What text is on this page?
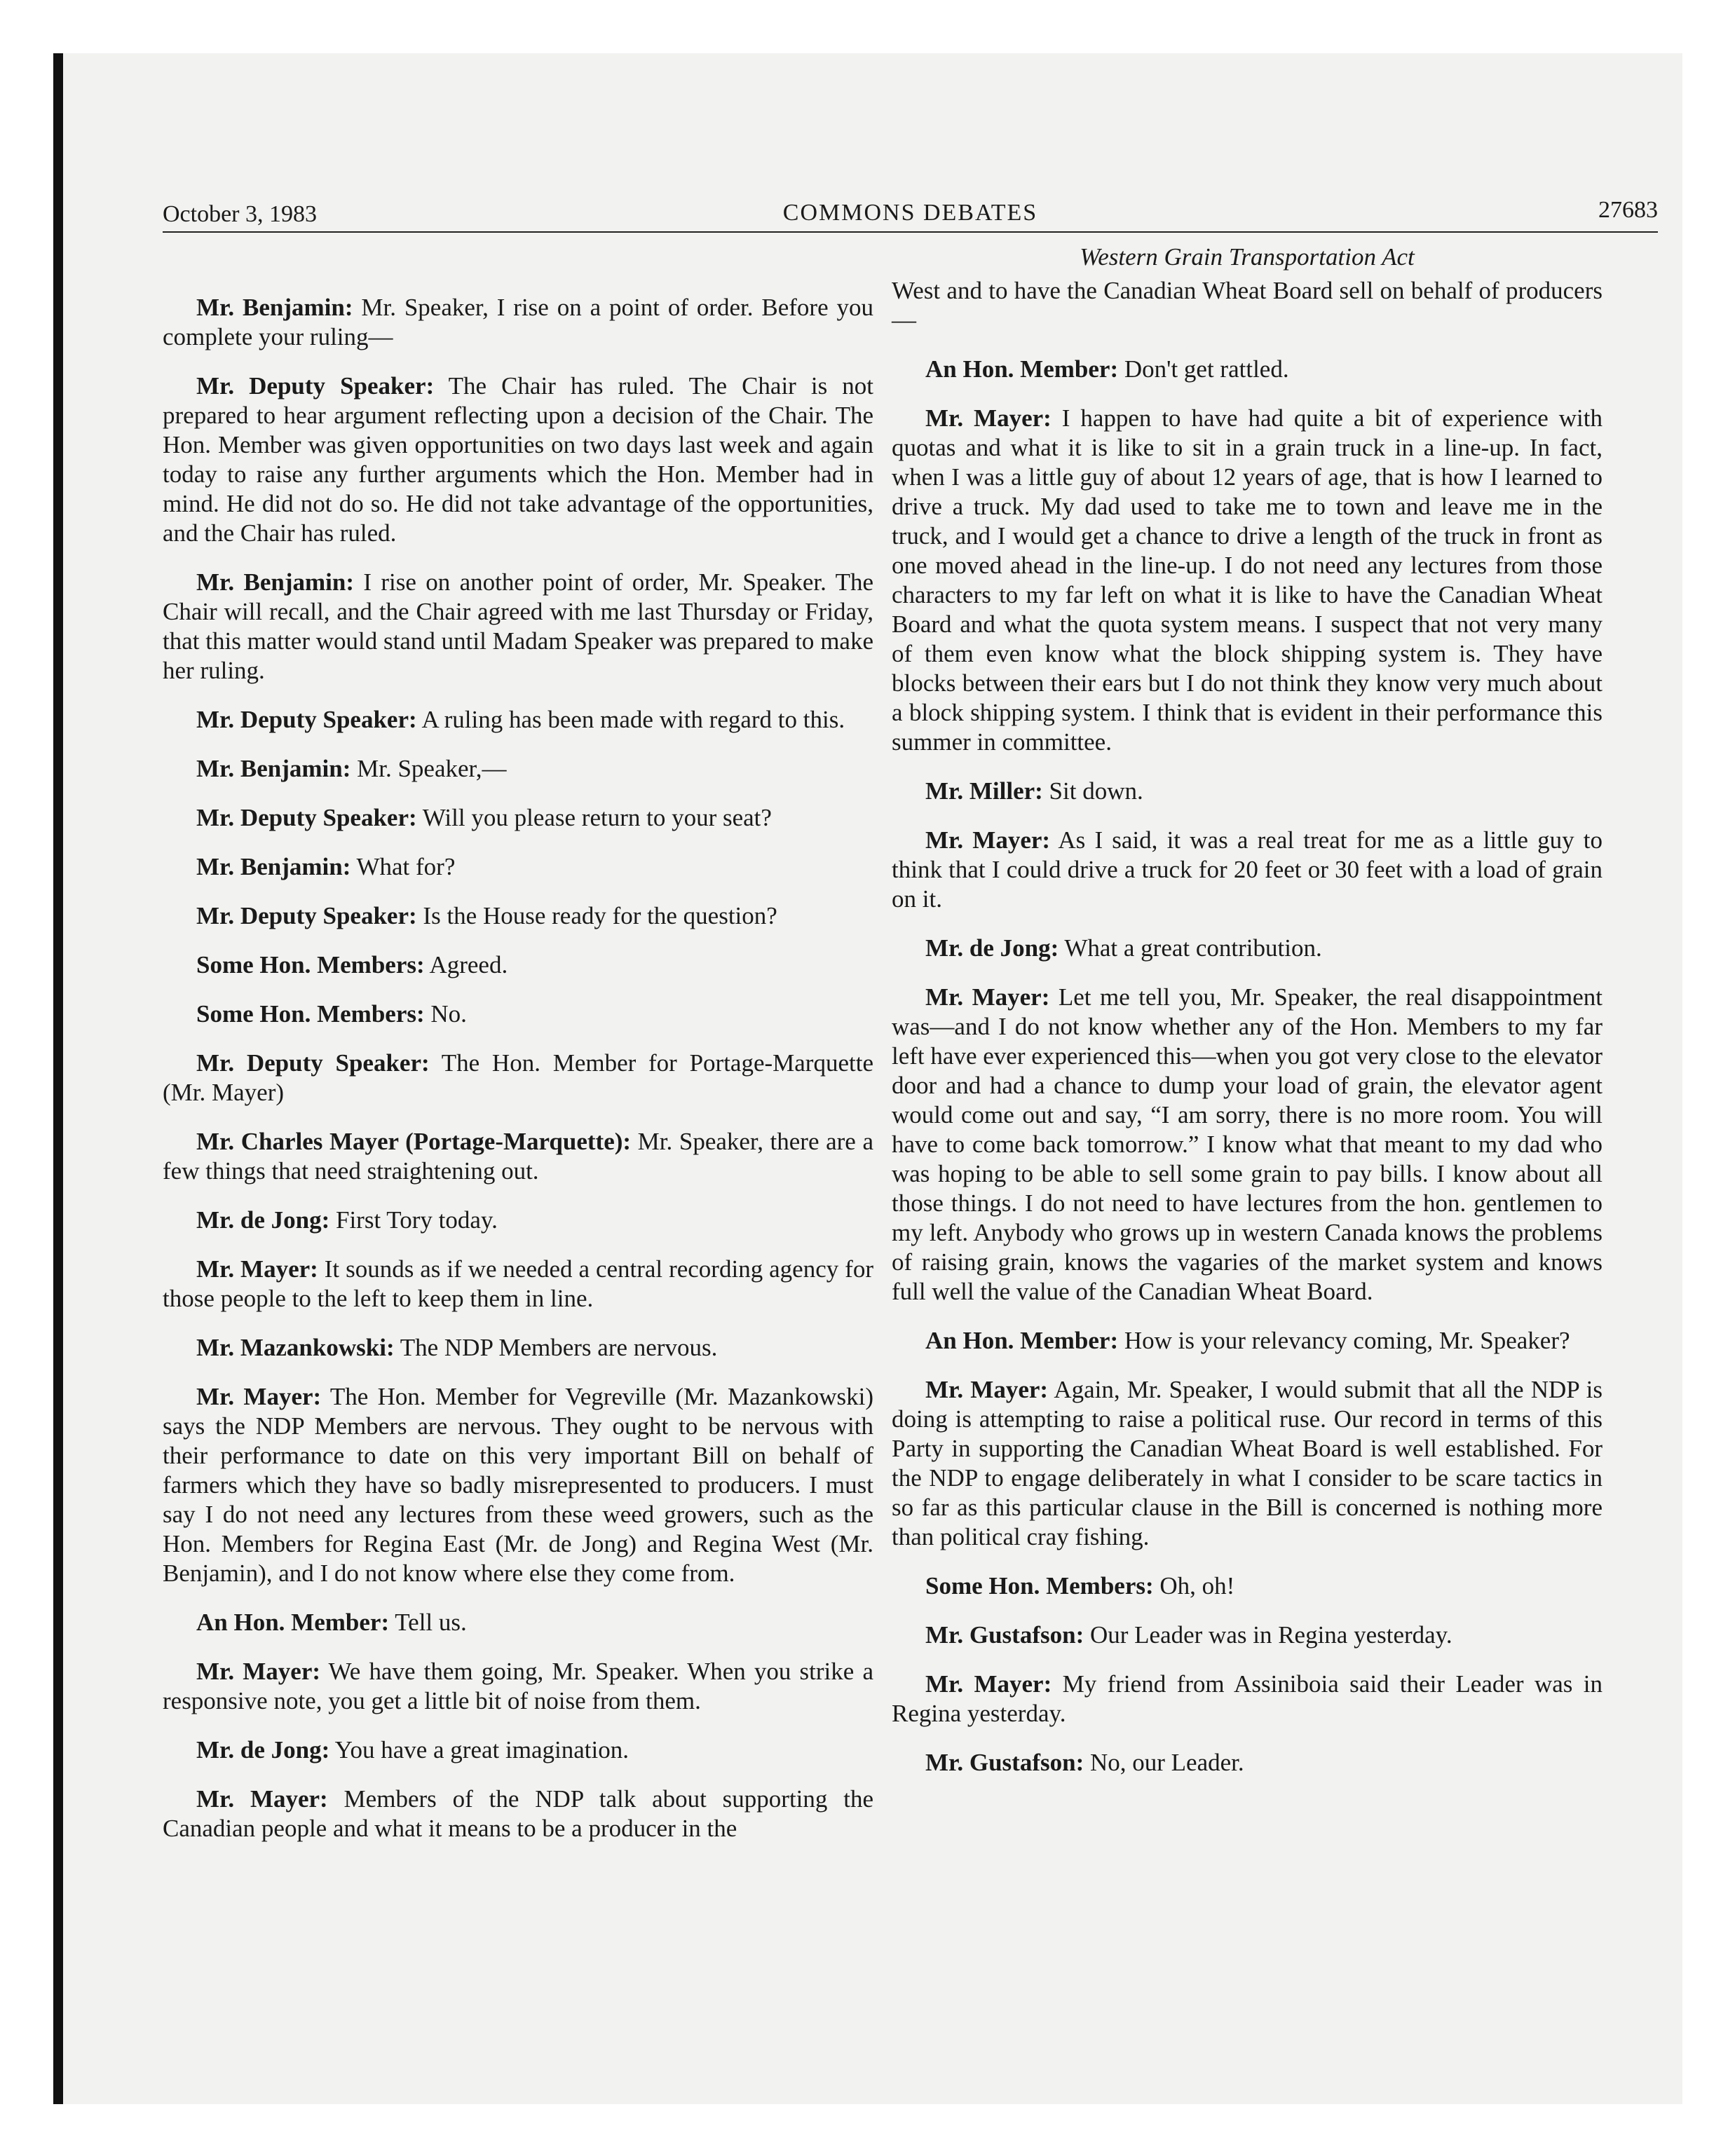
October 3, 1983	COMMONS DEBATES	27683

Mr. Benjamin: Mr. Speaker, I rise on a point of order. Before you complete your ruling—

Mr. Deputy Speaker: The Chair has ruled. The Chair is not prepared to hear argument reflecting upon a decision of the Chair. The Hon. Member was given opportunities on two days last week and again today to raise any further arguments which the Hon. Member had in mind. He did not do so. He did not take advantage of the opportunities, and the Chair has ruled.

Mr. Benjamin: I rise on another point of order, Mr. Speaker. The Chair will recall, and the Chair agreed with me last Thursday or Friday, that this matter would stand until Madam Speaker was prepared to make her ruling.

Mr. Deputy Speaker: A ruling has been made with regard to this.

Mr. Benjamin: Mr. Speaker,—

Mr. Deputy Speaker: Will you please return to your seat?

Mr. Benjamin: What for?

Mr. Deputy Speaker: Is the House ready for the question?

Some Hon. Members: Agreed.

Some Hon. Members: No.

Mr. Deputy Speaker: The Hon. Member for Portage-Marquette (Mr. Mayer)

Mr. Charles Mayer (Portage-Marquette): Mr. Speaker, there are a few things that need straightening out.

Mr. de Jong: First Tory today.

Mr. Mayer: It sounds as if we needed a central recording agency for those people to the left to keep them in line.

Mr. Mazankowski: The NDP Members are nervous.

Mr. Mayer: The Hon. Member for Vegreville (Mr. Mazankowski) says the NDP Members are nervous. They ought to be nervous with their performance to date on this very important Bill on behalf of farmers which they have so badly misrepresented to producers. I must say I do not need any lectures from these weed growers, such as the Hon. Members for Regina East (Mr. de Jong) and Regina West (Mr. Benjamin), and I do not know where else they come from.

An Hon. Member: Tell us.

Mr. Mayer: We have them going, Mr. Speaker. When you strike a responsive note, you get a little bit of noise from them.

Mr. de Jong: You have a great imagination.

Mr. Mayer: Members of the NDP talk about supporting the Canadian people and what it means to be a producer in the

Western Grain Transportation Act

West and to have the Canadian Wheat Board sell on behalf of producers—

An Hon. Member: Don't get rattled.

Mr. Mayer: I happen to have had quite a bit of experience with quotas and what it is like to sit in a grain truck in a line-up. In fact, when I was a little guy of about 12 years of age, that is how I learned to drive a truck. My dad used to take me to town and leave me in the truck, and I would get a chance to drive a length of the truck in front as one moved ahead in the line-up. I do not need any lectures from those characters to my far left on what it is like to have the Canadian Wheat Board and what the quota system means. I suspect that not very many of them even know what the block shipping system is. They have blocks between their ears but I do not think they know very much about a block shipping system. I think that is evident in their performance this summer in committee.

Mr. Miller: Sit down.

Mr. Mayer: As I said, it was a real treat for me as a little guy to think that I could drive a truck for 20 feet or 30 feet with a load of grain on it.

Mr. de Jong: What a great contribution.

Mr. Mayer: Let me tell you, Mr. Speaker, the real disappointment was—and I do not know whether any of the Hon. Members to my far left have ever experienced this—when you got very close to the elevator door and had a chance to dump your load of grain, the elevator agent would come out and say, “I am sorry, there is no more room. You will have to come back tomorrow.” I know what that meant to my dad who was hoping to be able to sell some grain to pay bills. I know about all those things. I do not need to have lectures from the hon. gentlemen to my left. Anybody who grows up in western Canada knows the problems of raising grain, knows the vagaries of the market system and knows full well the value of the Canadian Wheat Board.

An Hon. Member: How is your relevancy coming, Mr. Speaker?

Mr. Mayer: Again, Mr. Speaker, I would submit that all the NDP is doing is attempting to raise a political ruse. Our record in terms of this Party in supporting the Canadian Wheat Board is well established. For the NDP to engage deliberately in what I consider to be scare tactics in so far as this particular clause in the Bill is concerned is nothing more than political cray fishing.

Some Hon. Members: Oh, oh!

Mr. Gustafson: Our Leader was in Regina yesterday.

Mr. Mayer: My friend from Assiniboia said their Leader was in Regina yesterday.

Mr. Gustafson: No, our Leader.
